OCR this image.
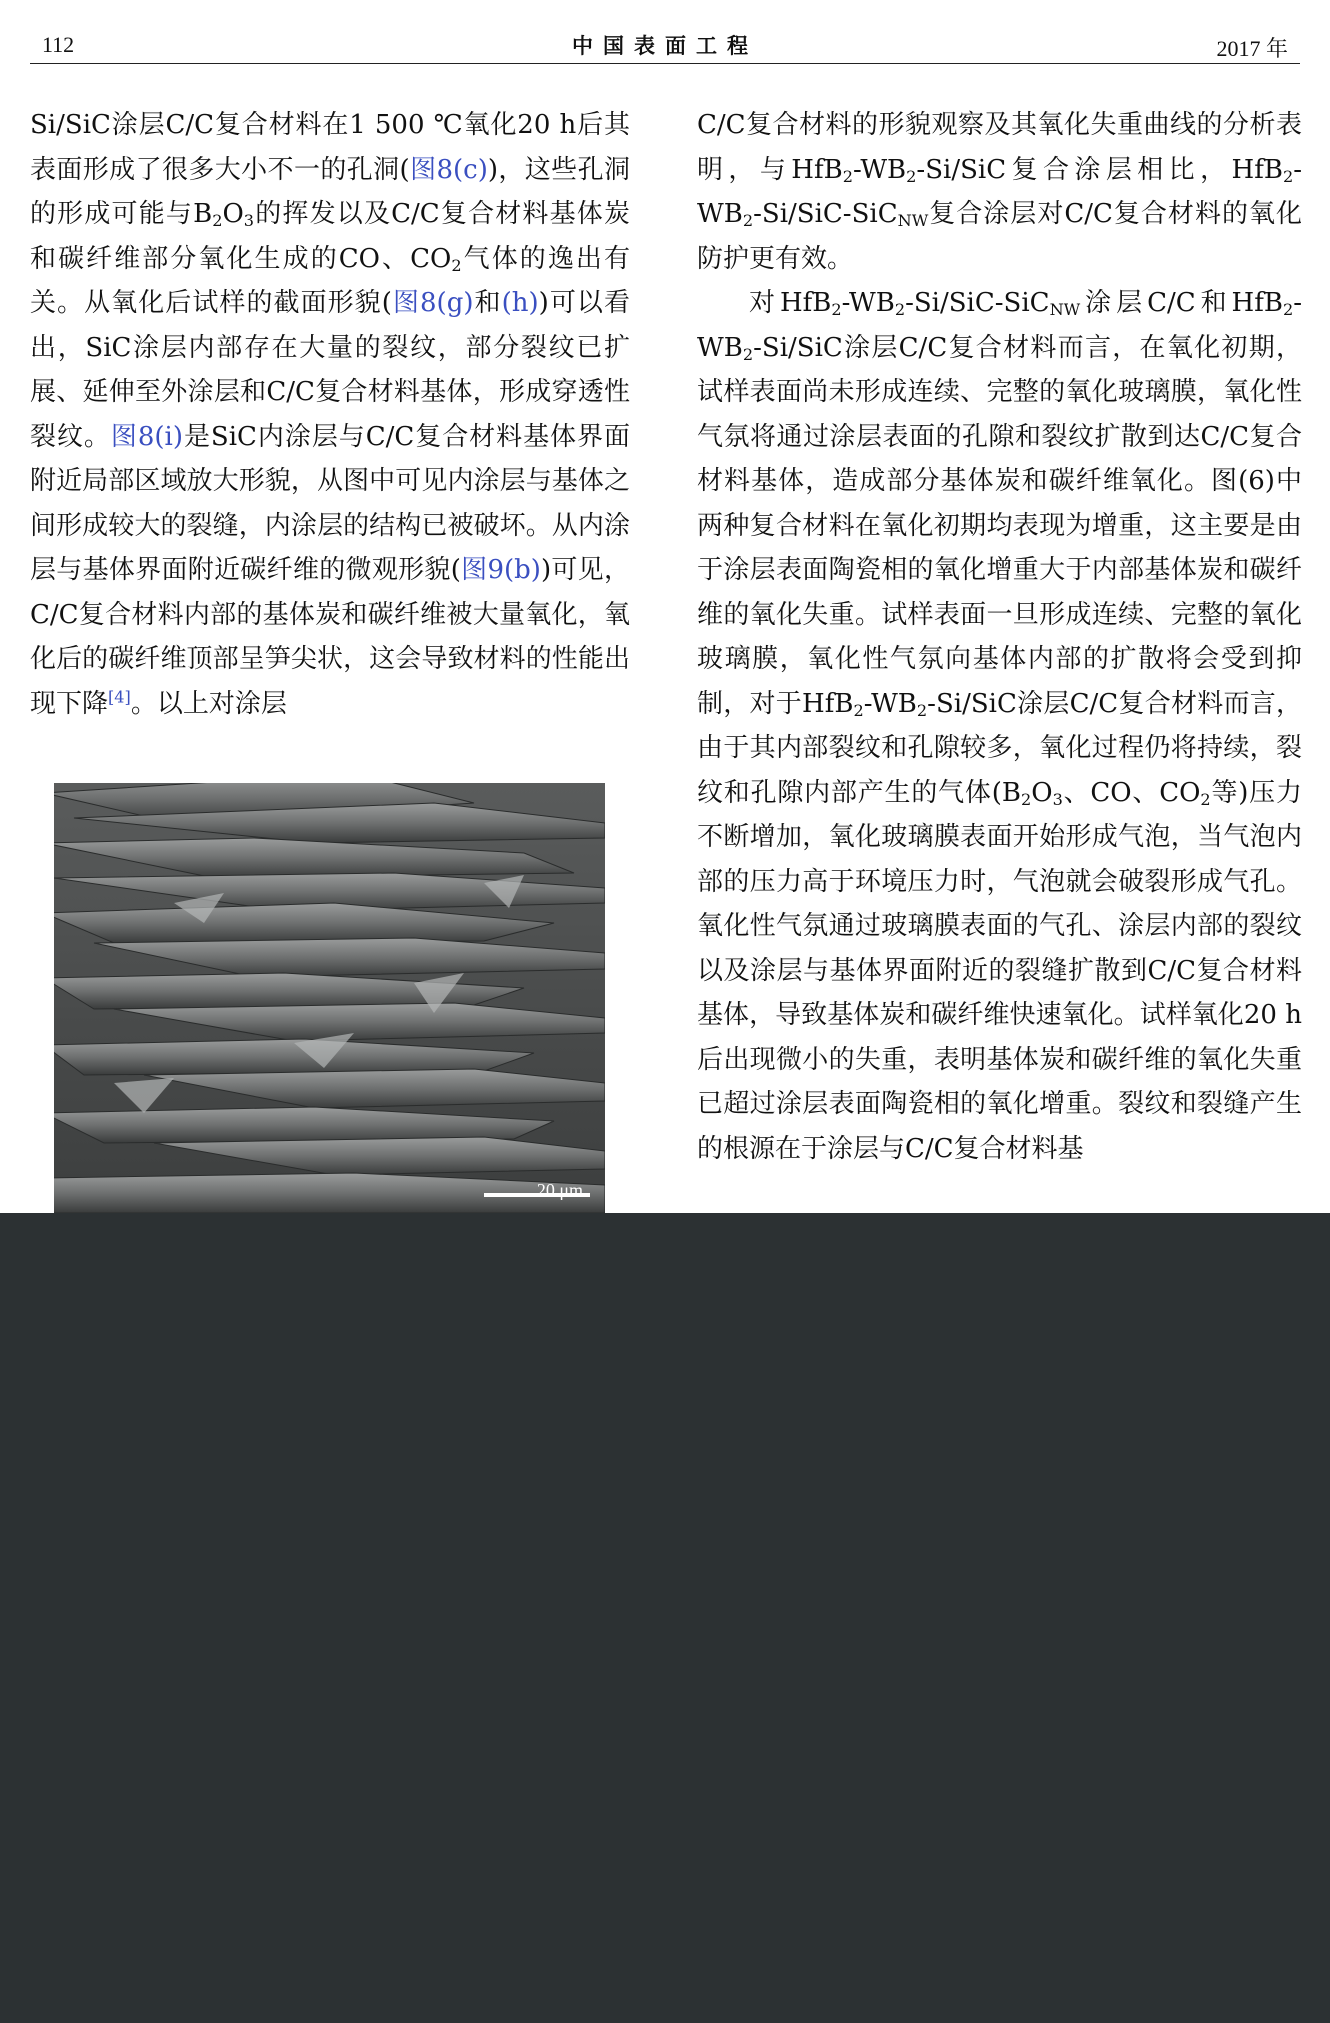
112	中国表面工程	2017 年

Si/SiC涂层C/C复合材料在1 500 ℃氧化20 h后其表面形成了很多大小不一的孔洞(图8(c))，这些孔洞的形成可能与$B_2O_3$的挥发以及C/C复合材料基体炭和碳纤维部分氧化生成的CO、$CO_2$气体的逸出有关。从氧化后试样的截面形貌(图8(g)和(h))可以看出，SiC涂层内部存在大量的裂纹，部分裂纹已扩展、延伸至外涂层和C/C复合材料基体，形成穿透性裂纹。图8(i)是SiC内涂层与C/C复合材料基体界面附近局部区域放大形貌，从图中可见内涂层与基体之间形成较大的裂缝，内涂层的结构已被破坏。从内涂层与基体界面附近碳纤维的微观形貌(图9(b))可见，C/C复合材料内部的基体炭和碳纤维被大量氧化，氧化后的碳纤维顶部呈笋尖状，这会导致材料的性能出现下降[4]。以上对涂层

20 μm

C/C复合材料的形貌观察及其氧化失重曲线的分析表明，与$HfB_2-WB_2-Si$/SiC复合涂层相比，$HfB_2-WB_2-Si/SiC-SiC_{NW}$复合涂层对C/C复合材料的氧化防护更有效。

对$HfB_2-WB_2-Si/SiC-SiC_{NW}$涂层C/C和$HfB_2-WB_2-Si$/SiC涂层C/C复合材料而言，在氧化初期，试样表面尚未形成连续、完整的氧化玻璃膜，氧化性气氛将通过涂层表面的孔隙和裂纹扩散到达C/C复合材料基体，造成部分基体炭和碳纤维氧化。图(6)中两种复合材料在氧化初期均表现为增重，这主要是由于涂层表面陶瓷相的氧化增重大于内部基体炭和碳纤维的氧化失重。试样表面一旦形成连续、完整的氧化玻璃膜，氧化性气氛向基体内部的扩散将会受到抑制，对于$HfB_2-WB_2-Si$/SiC涂层C/C复合材料而言，由于其内部裂纹和孔隙较多，氧化过程仍将持续，裂纹和孔隙内部产生的气体($B_2O_3$、CO、$CO_2$等)压力不断增加，氧化玻璃膜表面开始形成气泡，当气泡内部的压力高于环境压力时，气泡就会破裂形成气孔。氧化性气氛通过玻璃膜表面的气孔、涂层内部的裂纹以及涂层与基体界面附近的裂缝扩散到C/C复合材料基体，导致基体炭和碳纤维快速氧化。试样氧化20 h后出现微小的失重，表明基体炭和碳纤维的氧化失重已超过涂层表面陶瓷相的氧化增重。裂纹和裂缝产生的根源在于涂层与C/C复合材料基
